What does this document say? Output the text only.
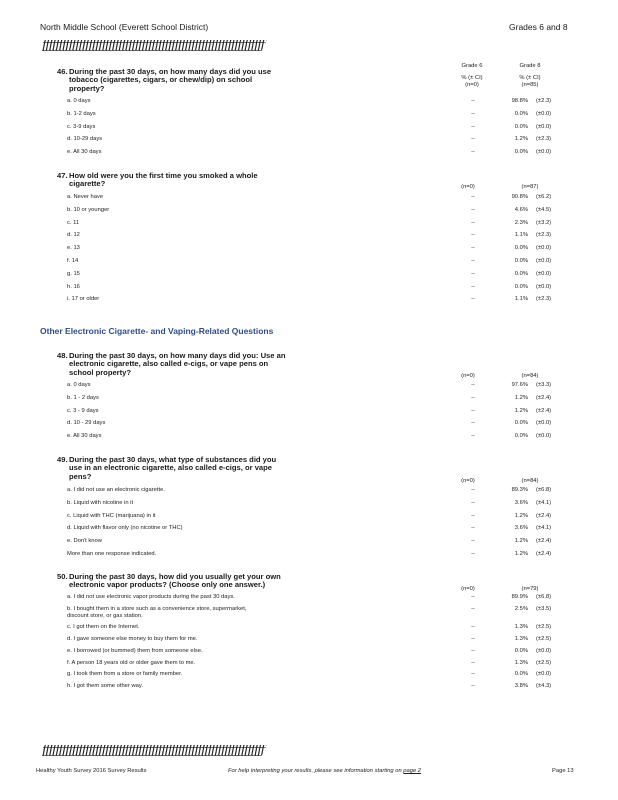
North Middle School (Everett School District)	Grades 6 and 8
ƒƒƒƒƒƒƒƒƒƒƒƒƒƒƒƒƒƒƒƒƒƒƒƒƒƒƒƒƒƒƒƒƒƒƒƒƒƒƒƒƒƒƒƒƒƒƒƒƒƒƒƒƒƒƒƒƒƒƒƒƒƒƒƒƒƒƒ
46.During the past 30 days, on how many days did you use
tobacco (cigarettes, cigars, or chew/dip) on school
property?
Grade 6
% (± CI)
(n=0)
Grade 8
% (± CI)
(n=85)
a. 0 days	--	98.8% (±2.3)
b. 1-2 days	--	0.0% (±0.0)
c. 3-9 days	--	0.0% (±0.0)
d. 10-29 days	--	1.2% (±2.3)
e. All 30 days	--	0.0% (±0.0)
47.How old were you the first time you smoked a whole
cigarette?	(n=0)	(n=87)
a. Never have	--	90.8% (±6.2)
b. 10 or younger	--	4.6% (±4.5)
c. 11	--	2.3% (±3.2)
d. 12	--	1.1% (±2.3)
e. 13	--	0.0% (±0.0)
f. 14	--	0.0% (±0.0)
g. 15	--	0.0% (±0.0)
h. 16	--	0.0% (±0.0)
i. 17 or older	--	1.1% (±2.3)
Other Electronic Cigarette- and Vaping-Related Questions
48.During the past 30 days, on how many days did you: Use an
electronic cigarette, also called e-cigs, or vape pens on
school property?	(n=0)	(n=84)
a. 0 days	--	97.6% (±3.3)
b. 1 - 2 days	--	1.2% (±2.4)
c. 3 - 9 days	--	1.2% (±2.4)
d. 10 - 29 days	--	0.0% (±0.0)
e. All 30 days	--	0.0% (±0.0)
49.During the past 30 days, what type of substances did you
use in an electronic cigarette, also called e-cigs, or vape
pens?
(n=0)	(n=84)
a. I did not use an electronic cigarette.	--	89.3% (±6.8)
b. Liquid with nicotine in it	--	3.6% (±4.1)
c. Liquid with THC (marijuana) in it	--	1.2% (±2.4)
d. Liquid with flavor only (no nicotine or THC)	--	3.6% (±4.1)
e. Don't know	--	1.2% (±2.4)
More than one response indicated.	--	1.2% (±2.4)
50.During the past 30 days, how did you usually get your own
electronic vapor products? (Choose only one answer.)	(n=0)	(n=79)
a. I did not use electronic vapor products during the past 30 days.	--	89.9% (±6.8)
b. I bought them in a store such as a convenience store, supermarket,
discount store, or gas station.
--	2.5% (±3.5)
c. I got them on the Internet.	--	1.3% (±2.5)
d. I gave someone else money to buy them for me.	--	1.3% (±2.5)
e. I borrowed (or bummed) them from someone else.	--	0.0% (±0.0)
f. A person 18 years old or older gave them to me.	--	1.3% (±2.5)
g. I took them from a store or family member.	--	0.0% (±0.0)
h. I got them some other way.	--	3.8% (±4.3)
ƒƒƒƒƒƒƒƒƒƒƒƒƒƒƒƒƒƒƒƒƒƒƒƒƒƒƒƒƒƒƒƒƒƒƒƒƒƒƒƒƒƒƒƒƒƒƒƒƒƒƒƒƒƒƒƒƒƒƒƒƒƒƒƒƒƒƒ
Healthy Youth Survey 2016 Survey Results	For help interpreting your results, please see information starting on page 2	Page 13
